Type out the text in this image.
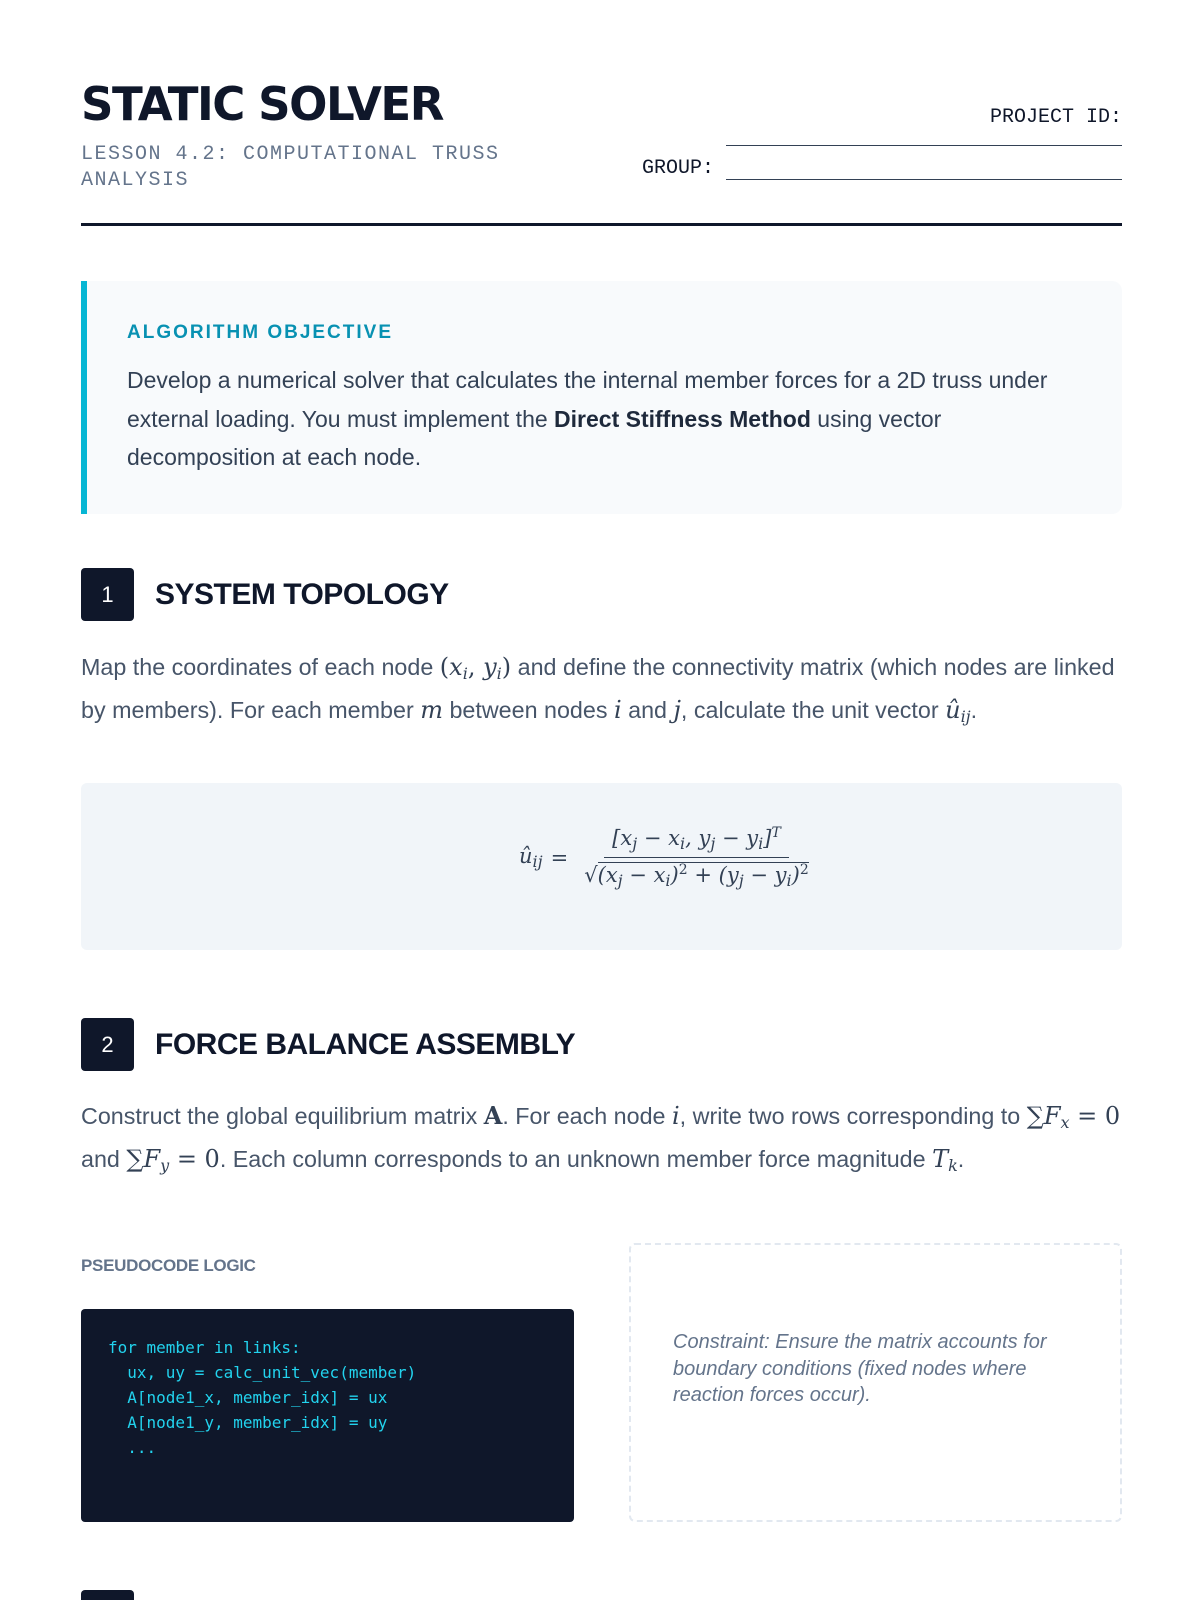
STATIC SOLVER
LESSON 4.2: COMPUTATIONAL TRUSS ANALYSIS
PROJECT ID:
GROUP:
ALGORITHM OBJECTIVE
Develop a numerical solver that calculates the internal member forces for a 2D truss under external loading. You must implement the Direct Stiffness Method using vector decomposition at each node.
1	SYSTEM TOPOLOGY
Map the coordinates of each node ($x_i$, $y_i$) and define the connectivity matrix (which nodes are linked by members). For each member m between nodes i and j, calculate the unit vector $û_{ij}$.
$û_{ij} = \frac{[x_j - x_i, y_j - y_i]^T}{√(x_j - x_i)^2 + (y_j - y_i)^2}$
2	FORCE BALANCE ASSEMBLY
Construct the global equilibrium matrix A. For each node i, write two rows corresponding to $\sum F_x = 0$ and $\sum F_y = 0$. Each column corresponds to an unknown member force magnitude $T_k$.
PSEUDOCODE LOGIC
for member in links:
ux, uy = calc_unit_vec(member)
A[node1_x, member_idx] = ux
A[node1_y, member_idx] = uy
...

Constraint: Ensure the matrix accounts for boundary conditions (fixed nodes where reaction forces occur).
